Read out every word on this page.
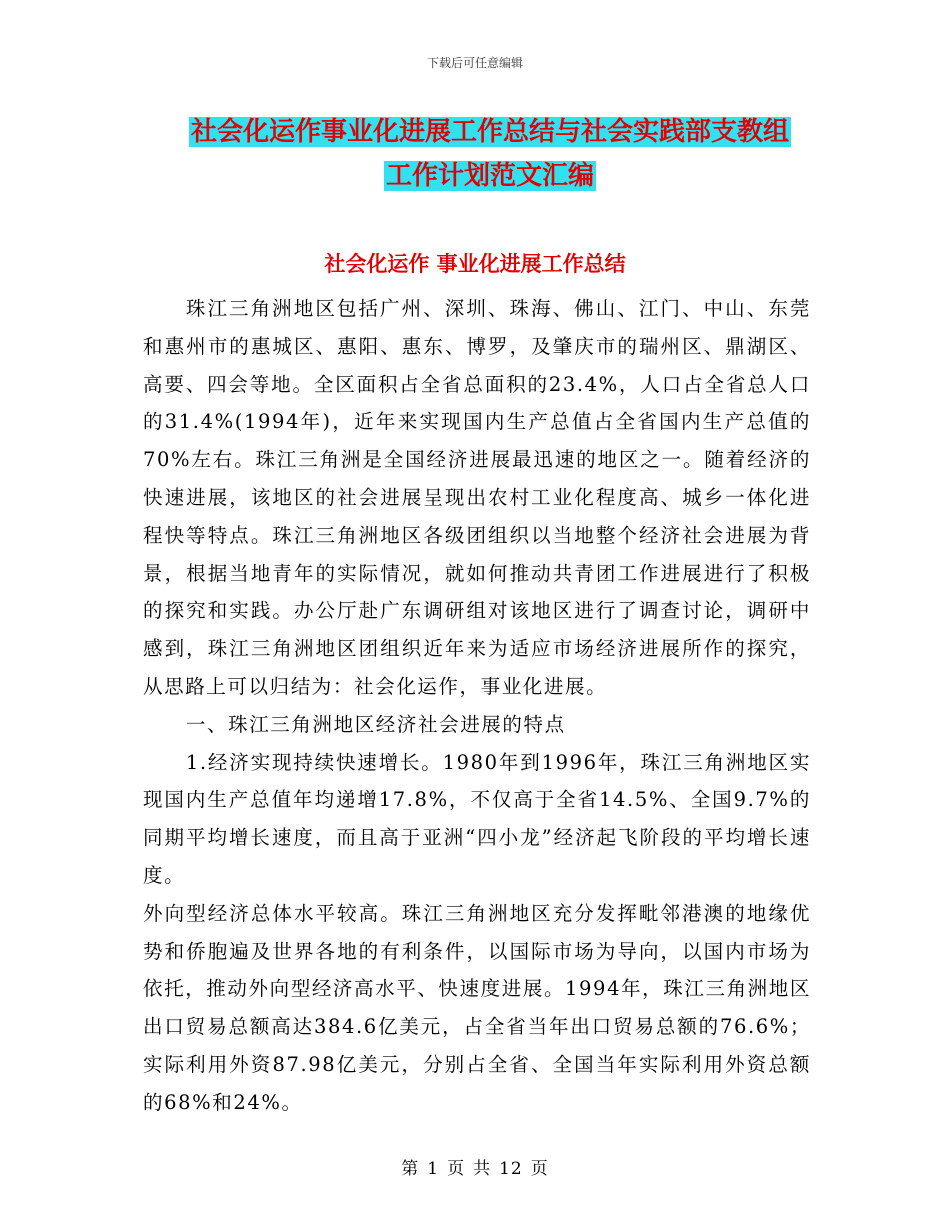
下载后可任意编辑
社会化运作事业化进展工作总结与社会实践部支教组
工作计划范文汇编
社会化运作 事业化进展工作总结

珠江三角洲地区包括广州、深圳、珠海、佛山、江门、中山、东莞和惠州市的惠城区、惠阳、惠东、博罗，及肇庆市的瑞州区、鼎湖区、高要、四会等地。全区面积占全省总面积的23.4%，人口占全省总人口的31.4%(1994年)，近年来实现国内生产总值占全省国内生产总值的70%左右。珠江三角洲是全国经济进展最迅速的地区之一。随着经济的快速进展，该地区的社会进展呈现出农村工业化程度高、城乡一体化进程快等特点。珠江三角洲地区各级团组织以当地整个经济社会进展为背景，根据当地青年的实际情况，就如何推动共青团工作进展进行了积极的探究和实践。办公厅赴广东调研组对该地区进行了调查讨论，调研中感到，珠江三角洲地区团组织近年来为适应市场经济进展所作的探究，从思路上可以归结为：社会化运作，事业化进展。

一、珠江三角洲地区经济社会进展的特点

1.经济实现持续快速增长。1980年到1996年，珠江三角洲地区实现国内生产总值年均递增17.8%，不仅高于全省14.5%、全国9.7%的同期平均增长速度，而且高于亚洲“四小龙”经济起飞阶段的平均增长速度。

外向型经济总体水平较高。珠江三角洲地区充分发挥毗邻港澳的地缘优势和侨胞遍及世界各地的有利条件，以国际市场为导向，以国内市场为依托，推动外向型经济高水平、快速度进展。1994年，珠江三角洲地区出口贸易总额高达384.6亿美元，占全省当年出口贸易总额的76.6%；实际利用外资87.98亿美元，分别占全省、全国当年实际利用外资总额的68%和24%。

第 1 页 共 12 页
